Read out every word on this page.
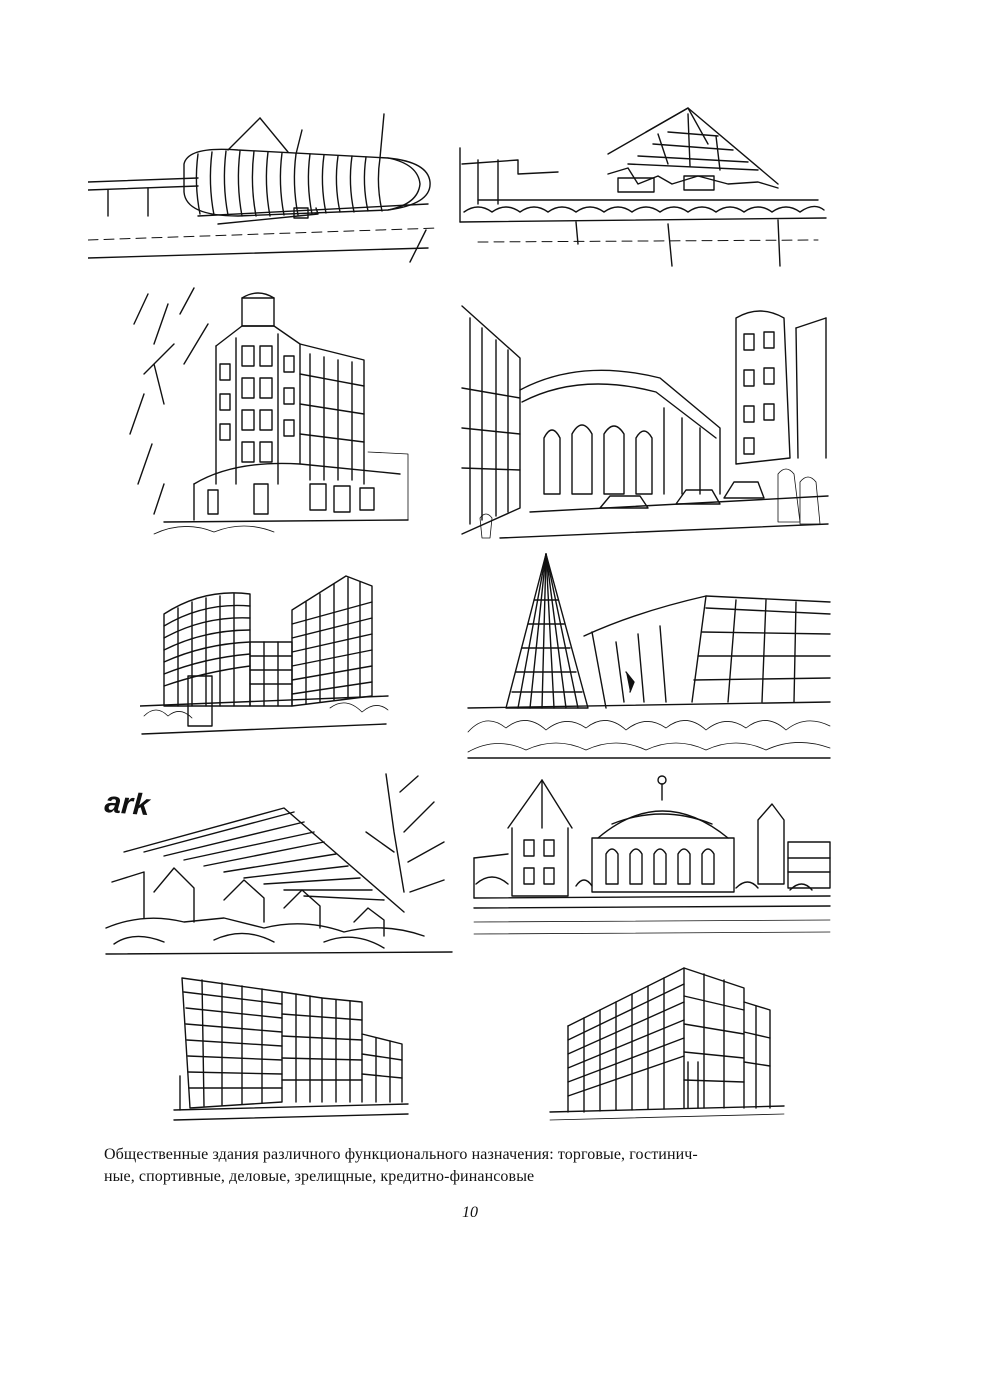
ark
Общественные здания различного функционального назначения: торговые, гостинич-
ные, спортивные, деловые, зрелищные, кредитно-финансовые
10
